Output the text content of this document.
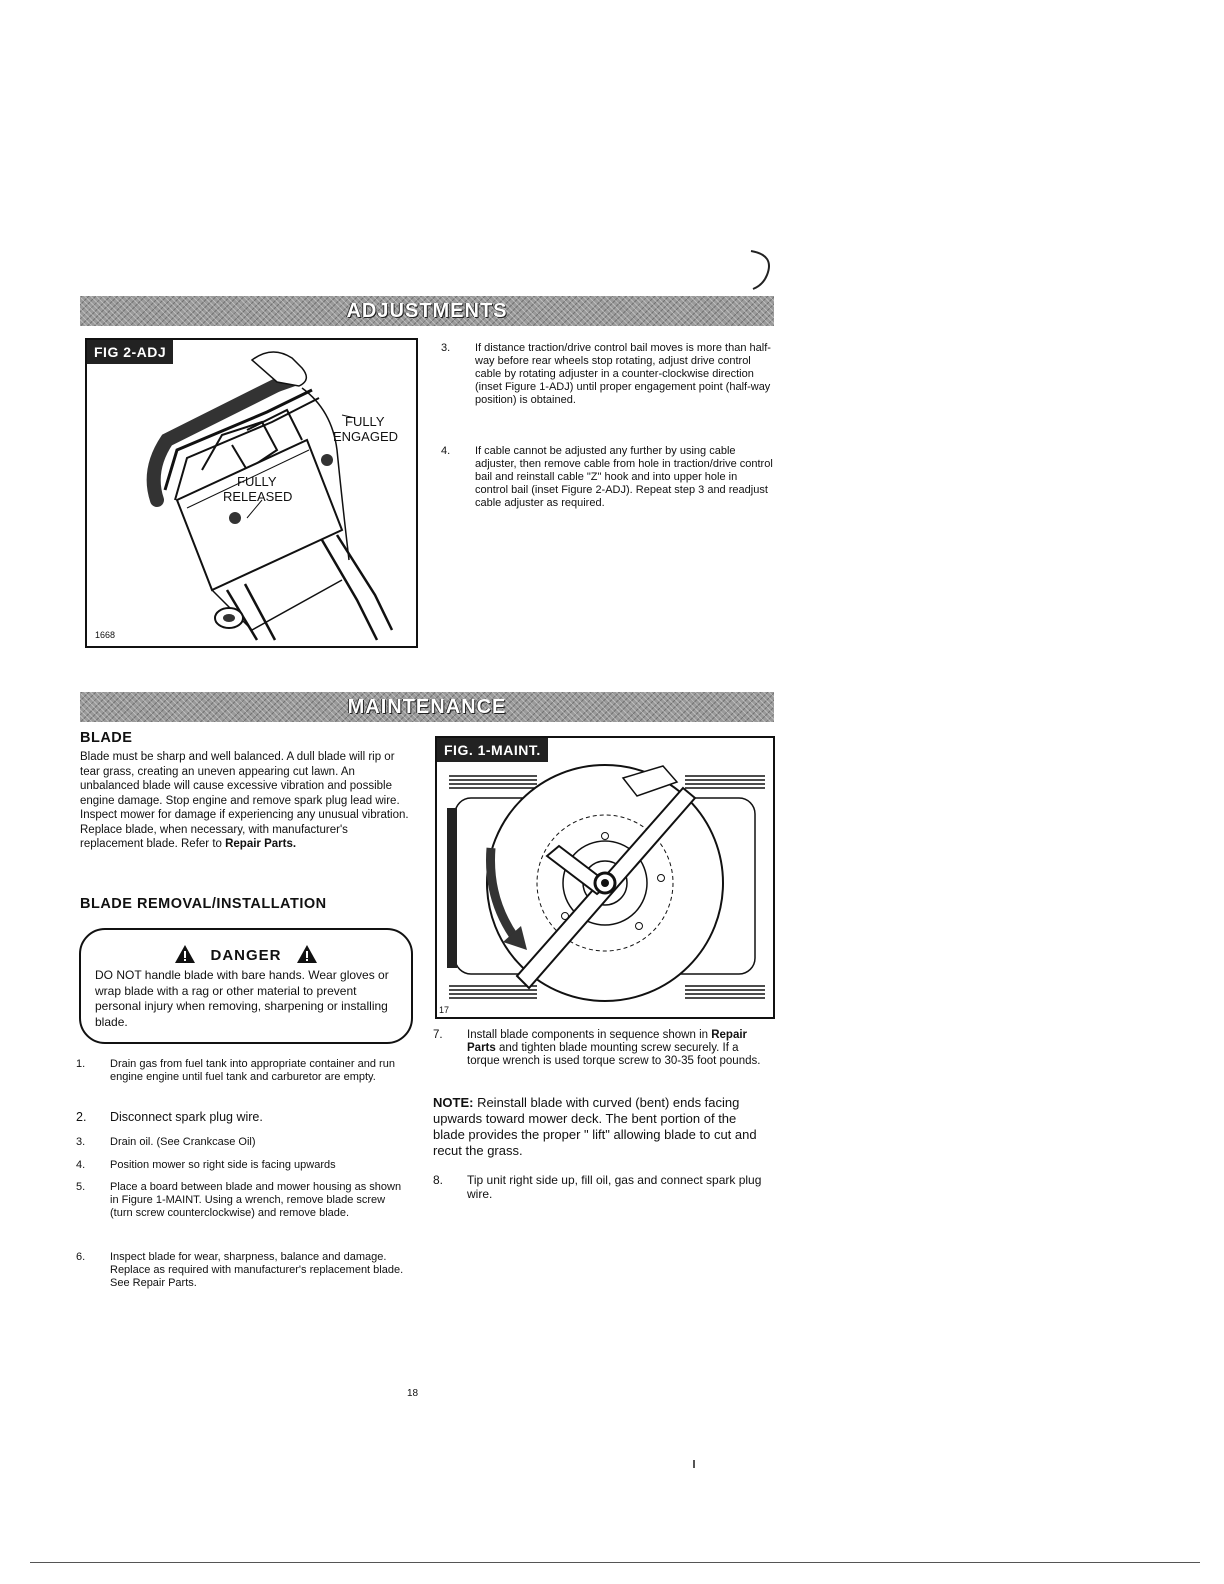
ADJUSTMENTS
FIG 2-ADJ
FULLY
ENGAGED
FULLY
RELEASED
1668
3. If distance traction/drive control bail moves is more than half-way before rear wheels stop rotating, adjust drive control cable by rotating adjuster in a counter-clockwise direction (inset Figure 1-ADJ) until proper engagement point (half-way position) is obtained.
4. If cable cannot be adjusted any further by using cable adjuster, then remove cable from hole in traction/drive control bail and reinstall cable "Z" hook and into upper hole in control bail (inset Figure 2-ADJ). Repeat step 3 and readjust cable adjuster as required.
MAINTENANCE
BLADE
Blade must be sharp and well balanced. A dull blade will rip or tear grass, creating an uneven appearing cut lawn. An unbalanced blade will cause excessive vibration and possible engine damage. Stop engine and remove spark plug lead wire. Inspect mower for damage if experiencing any unusual vibration. Replace blade, when necessary, with manufacturer's replacement blade. Refer to Repair Parts.
BLADE REMOVAL/INSTALLATION
DANGER
DO NOT handle blade with bare hands. Wear gloves or wrap blade with a rag or other material to prevent personal injury when removing, sharpening or installing blade.
1. Drain gas from fuel tank into appropriate container and run engine engine until fuel tank and carburetor are empty.
2. Disconnect spark plug wire.
3. Drain oil. (See Crankcase Oil)
4. Position mower so right side is facing upwards
5. Place a board between blade and mower housing as shown in Figure 1-MAINT. Using a wrench, remove blade screw (turn screw counterclockwise) and remove blade.
6. Inspect blade for wear, sharpness, balance and damage. Replace as required with manufacturer's replacement blade. See Repair Parts.
FIG. 1-MAINT.
17
7. Install blade components in sequence shown in Repair Parts and tighten blade mounting screw securely. If a torque wrench is used torque screw to 30-35 foot pounds.
NOTE: Reinstall blade with curved (bent) ends facing upwards toward mower deck. The bent portion of the blade provides the proper " lift" allowing blade to cut and recut the grass.
8. Tip unit right side up, fill oil, gas and connect spark plug wire.
18
